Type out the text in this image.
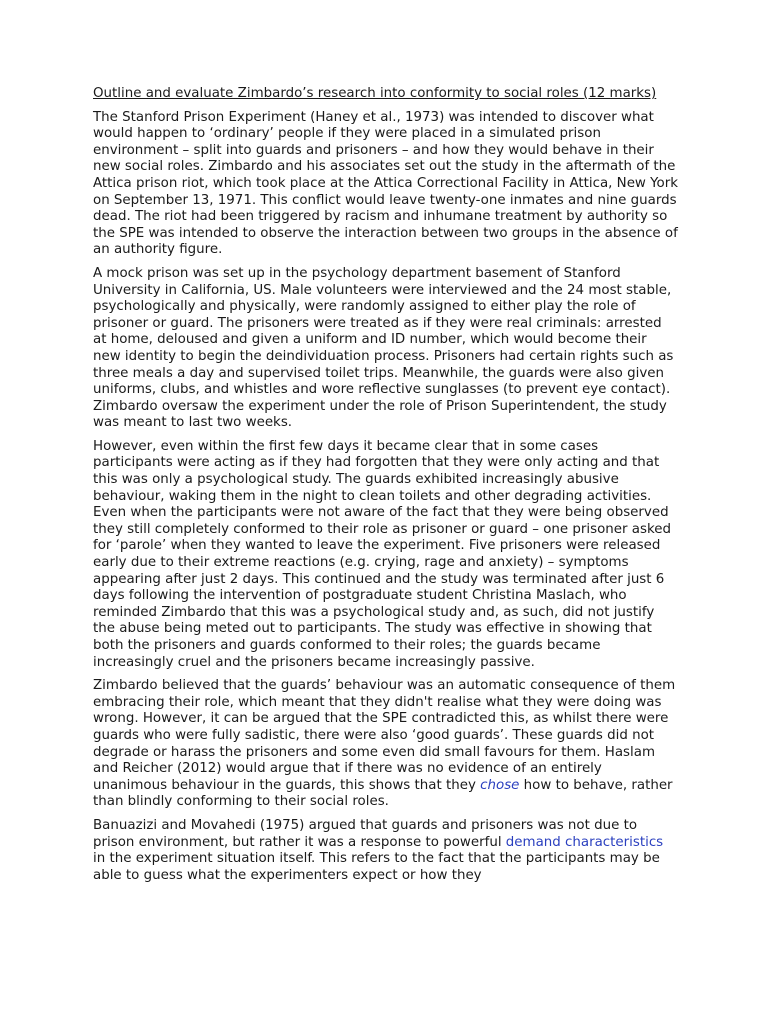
Outline and evaluate Zimbardo’s research into conformity to social roles (12 marks)

The Stanford Prison Experiment (Haney et al., 1973) was intended to discover what would happen to ‘ordinary’ people if they were placed in a simulated prison environment – split into guards and prisoners – and how they would behave in their new social roles. Zimbardo and his associates set out the study in the aftermath of the Attica prison riot, which took place at the Attica Correctional Facility in Attica, New York on September 13, 1971. This conflict would leave twenty-one inmates and nine guards dead. The riot had been triggered by racism and inhumane treatment by authority so the SPE was intended to observe the interaction between two groups in the absence of an authority figure.

A mock prison was set up in the psychology department basement of Stanford University in California, US. Male volunteers were interviewed and the 24 most stable, psychologically and physically, were randomly assigned to either play the role of prisoner or guard. The prisoners were treated as if they were real criminals: arrested at home, deloused and given a uniform and ID number, which would become their new identity to begin the deindividuation process. Prisoners had certain rights such as three meals a day and supervised toilet trips. Meanwhile, the guards were also given uniforms, clubs, and whistles and wore reflective sunglasses (to prevent eye contact). Zimbardo oversaw the experiment under the role of Prison Superintendent, the study was meant to last two weeks.

However, even within the first few days it became clear that in some cases participants were acting as if they had forgotten that they were only acting and that this was only a psychological study. The guards exhibited increasingly abusive behaviour, waking them in the night to clean toilets and other degrading activities. Even when the participants were not aware of the fact that they were being observed they still completely conformed to their role as prisoner or guard – one prisoner asked for ‘parole’ when they wanted to leave the experiment. Five prisoners were released early due to their extreme reactions (e.g. crying, rage and anxiety) – symptoms appearing after just 2 days. This continued and the study was terminated after just 6 days following the intervention of postgraduate student Christina Maslach, who reminded Zimbardo that this was a psychological study and, as such, did not justify the abuse being meted out to participants. The study was effective in showing that both the prisoners and guards conformed to their roles; the guards became increasingly cruel and the prisoners became increasingly passive.

Zimbardo believed that the guards’ behaviour was an automatic consequence of them embracing their role, which meant that they didn't realise what they were doing was wrong. However, it can be argued that the SPE contradicted this, as whilst there were guards who were fully sadistic, there were also ‘good guards’. These guards did not degrade or harass the prisoners and some even did small favours for them. Haslam and Reicher (2012) would argue that if there was no evidence of an entirely unanimous behaviour in the guards, this shows that they chose how to behave, rather than blindly conforming to their social roles.

Banuazizi and Movahedi (1975) argued that guards and prisoners was not due to prison environment, but rather it was a response to powerful demand characteristics in the experiment situation itself. This refers to the fact that the participants may be able to guess what the experimenters expect or how they
